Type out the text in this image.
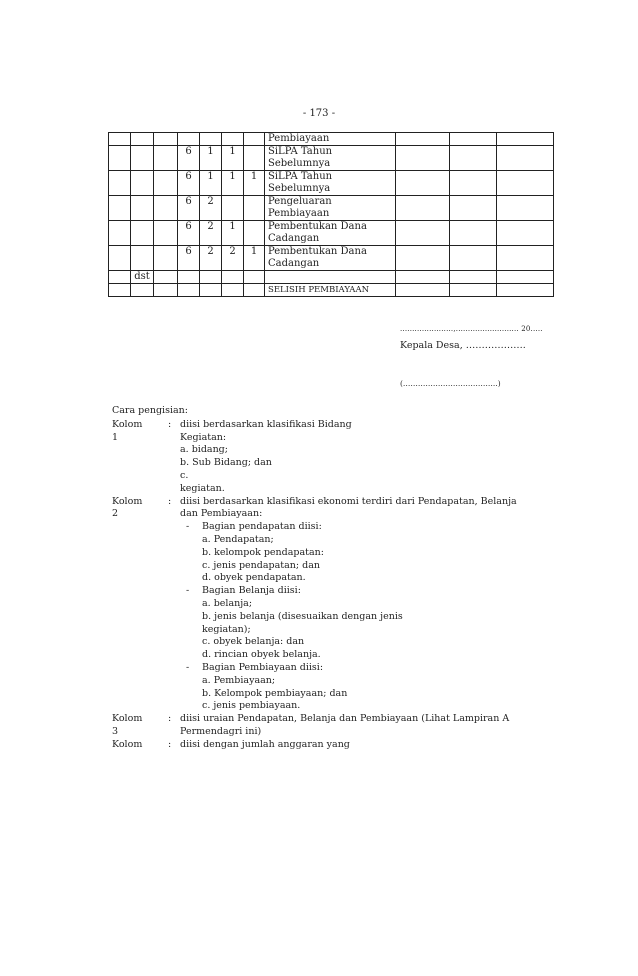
- 173 -

							Pembiayaan			

			6	1	1		SiLPA Tahun
Sebelumnya			

			6	1	1	1	SiLPA Tahun
Sebelumnya			

			6	2			Pengeluaran
Pembiayaan			

			6	2	1		Pembentukan Dana
Cadangan			

			6	2	2	1	Pembentukan Dana
Cadangan			

	dst						

							SELISIH PEMBIAYAAN			
......................,.......................... 20.....
Kepala Desa, ……………….
(………………………………..)
Cara pengisian:
Kolom
1
: diisi berdasarkan klasifikasi Bidang
Kegiatan:
a. bidang;
b. Sub Bidang; dan
c.
kegiatan.
Kolom
2
: diisi berdasarkan klasifikasi ekonomi terdiri dari Pendapatan, Belanja
dan Pembiayaan:
-	Bagian pendapatan diisi:
a. Pendapatan;
b. kelompok pendapatan:
c. jenis pendapatan; dan
d. obyek pendapatan.
-	Bagian Belanja diisi:
a. belanja;
b. jenis belanja (disesuaikan dengan jenis
kegiatan);
c. obyek belanja: dan
d. rincian obyek belanja.
-	Bagian Pembiayaan diisi:
a. Pembiayaan;
b. Kelompok pembiayaan; dan
c. jenis pembiayaan.
Kolom
3
: diisi uraian Pendapatan, Belanja dan Pembiayaan (Lihat Lampiran A
Permendagri ini)
Kolom	: diisi dengan jumlah anggaran yang
